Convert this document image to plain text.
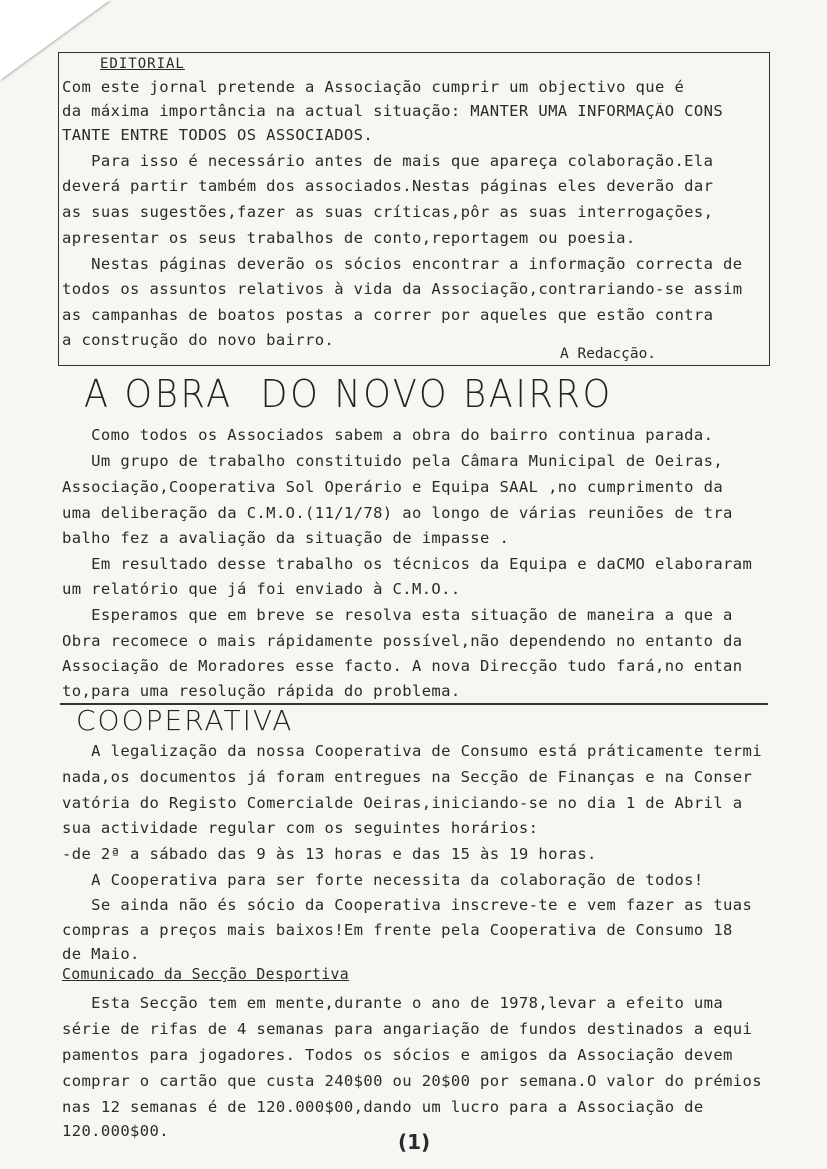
EDITORIAL
Com este jornal pretende a Associação cumprir um objectivo que é
da máxima importância na actual situação: MANTER UMA INFORMAÇÃO CONS
TANTE ENTRE TODOS OS ASSOCIADOS.
Para isso é necessário antes de mais que apareça colaboração.Ela
deverá partir também dos associados.Nestas páginas eles deverão dar
as suas sugestões,fazer as suas críticas,pôr as suas interrogações,
apresentar os seus trabalhos de conto,reportagem ou poesia.
Nestas páginas deverão os sócios encontrar a informação correcta de
todos os assuntos relativos à vida da Associação,contrariando-se assim
as campanhas de boatos postas a correr por aqueles que estão contra
a construção do novo bairro.
A Redacção.
A OBRA  DO NOVO BAIRRO
Como todos os Associados sabem a obra do bairro continua parada.
Um grupo de trabalho constituido pela Câmara Municipal de Oeiras,
Associação,Cooperativa Sol Operário e Equipa SAAL ,no cumprimento da
uma deliberação da C.M.O.(11/1/78) ao longo de várias reuniões de tra
balho fez a avaliação da situação de impasse .
Em resultado desse trabalho os técnicos da Equipa e daCMO elaboraram
um relatório que já foi enviado à C.M.O..
Esperamos que em breve se resolva esta situação de maneira a que a
Obra recomece o mais rápidamente possível,não dependendo no entanto da
Associação de Moradores esse facto. A nova Direcção tudo fará,no entan
to,para uma resolução rápida do problema.
COOPERATIVA
A legalização da nossa Cooperativa de Consumo está práticamente termi
nada,os documentos já foram entregues na Secção de Finanças e na Conser
vatória do Registo Comercialde Oeiras,iniciando-se no dia 1 de Abril a
sua actividade regular com os seguintes horários:
-de 2ª a sábado das 9 às 13 horas e das 15 às 19 horas.
A Cooperativa para ser forte necessita da colaboração de todos!
Se ainda não és sócio da Cooperativa inscreve-te e vem fazer as tuas
compras a preços mais baixos!Em frente pela Cooperativa de Consumo 18
de Maio.
Comunicado da Secção Desportiva
Esta Secção tem em mente,durante o ano de 1978,levar a efeito uma
série de rifas de 4 semanas para angariação de fundos destinados a equi
pamentos para jogadores. Todos os sócios e amigos da Associação devem
comprar o cartão que custa 240$00 ou 20$00 por semana.O valor do prémios
nas 12 semanas é de 120.000$00,dando um lucro para a Associação de
120.000$00.	(1)
